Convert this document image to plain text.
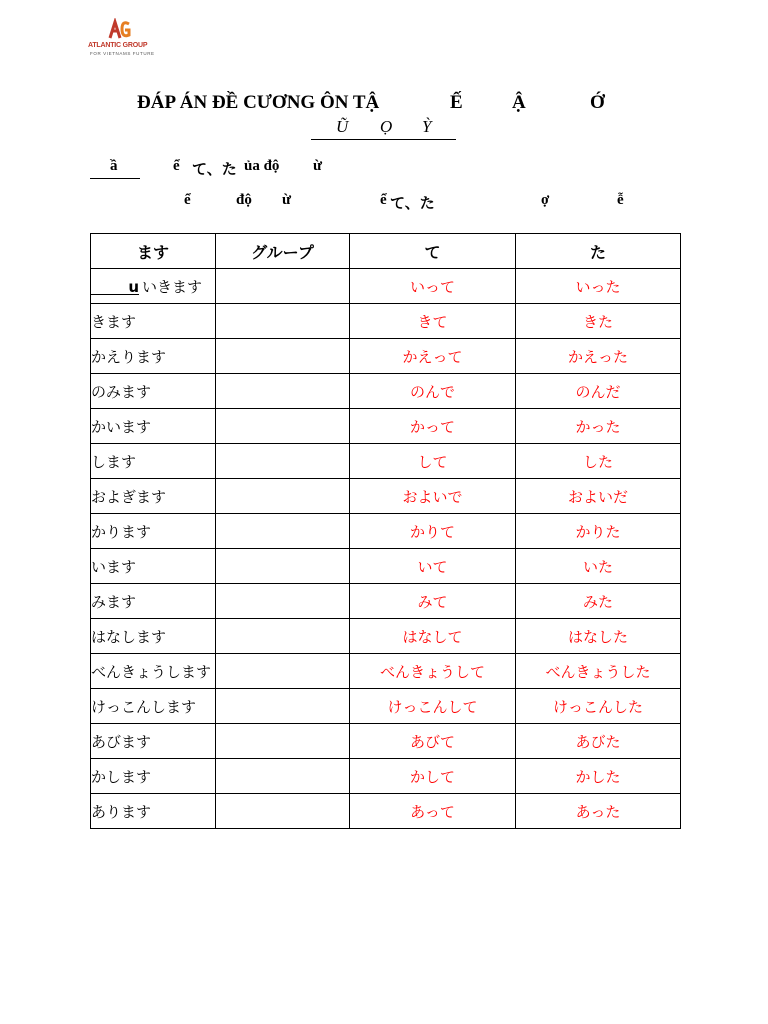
ATLANTIC GROUP
FOR VIETNAMS FUTURE
ĐÁP ÁN ĐỀ CƯƠNG ÔN TẬ	Ế	Ậ	Ớ
Ũ Ọ Ỳ
ầ	ể て、た ủa độ ừ
ể	độ ừ	ể て、た	ợ	ễ
ます	グループ	て	た
u いきます		いって	いった
きます		きて	きた
かえります		かえって	かえった
のみます		のんで	のんだ
かいます		かって	かった
します		して	した
およぎます		およいで	およいだ
かります		かりて	かりた
います		いて	いた
みます		みて	みた
はなします		はなして	はなした
べんきょうします		べんきょうして	べんきょうした
けっこんします		けっこんして	けっこんした
あびます		あびて	あびた
かします		かして	かした
あります		あって	あった
